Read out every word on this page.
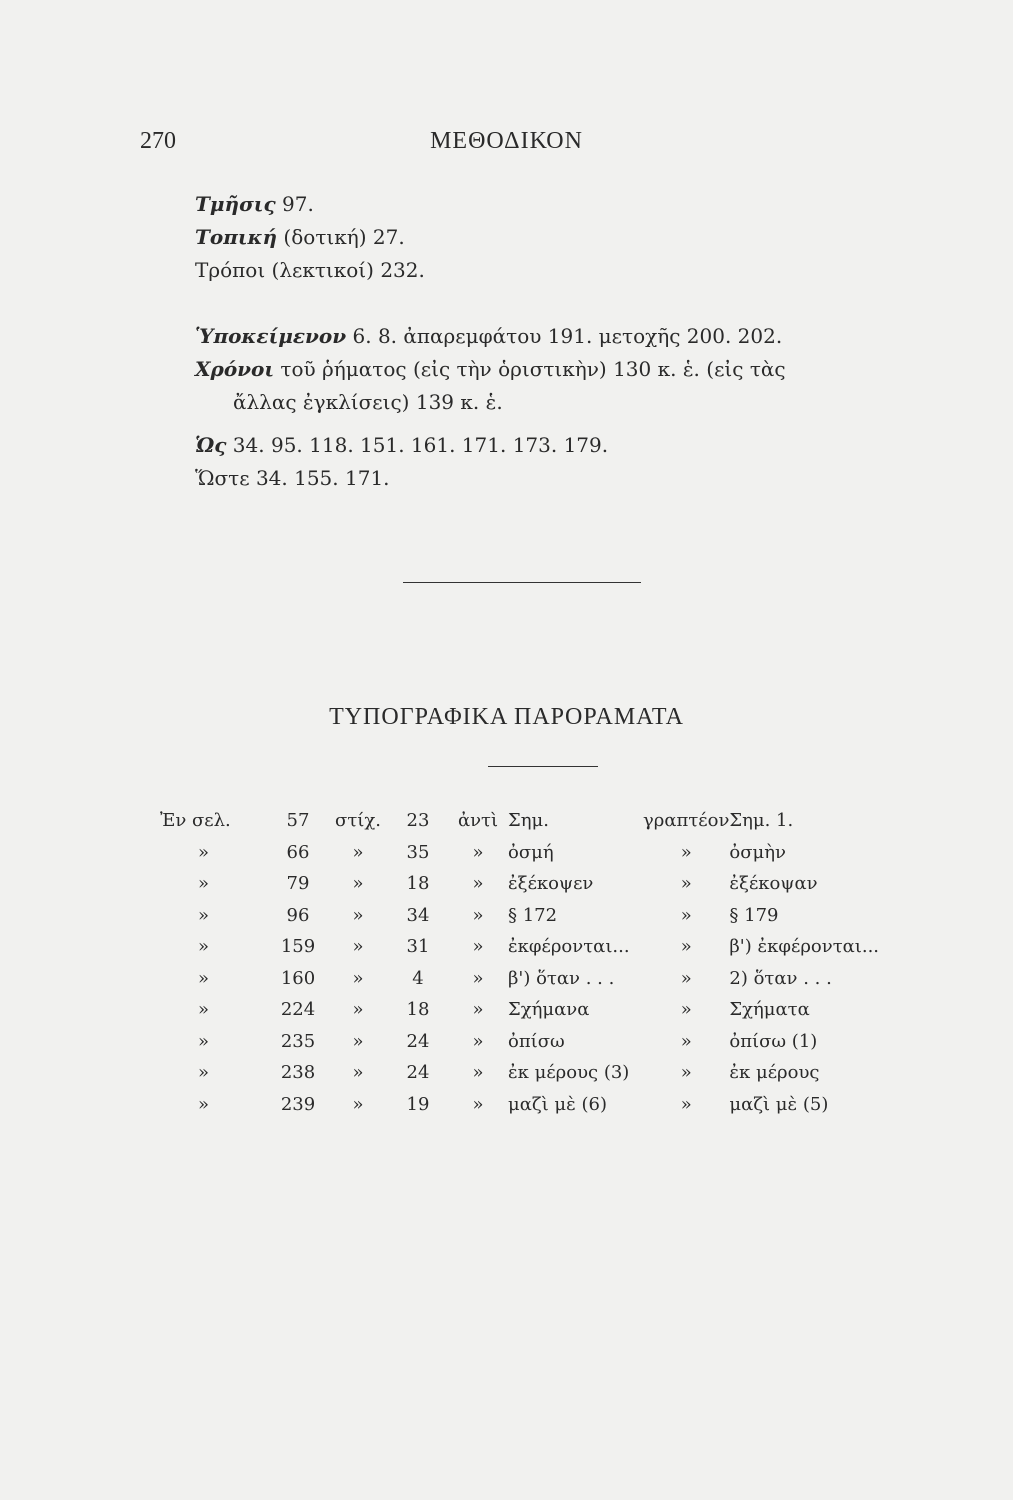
270	ΜΕΘΟΔΙΚΟΝ
Τμῆσις 97.
Τοπική (δοτική) 27.
Τρόποι (λεκτικοί) 232.
Ὑποκείμενον 6. 8. ἀπαρεμφάτου 191. μετοχῆς 200. 202.
Χρόνοι τοῦ ῥήματος (εἰς τὴν ὁριστικὴν) 130 κ. ἑ. (εἰς τὰς
ἄλλας ἐγκλίσεις) 139 κ. ἑ.
Ὡς 34. 95. 118. 151. 161. 171. 173. 179.
Ὥστε 34. 155. 171.
ΤΥΠΟΓΡΑΦΙΚΑ ΠΑΡΟΡΑΜΑΤΑ
Ἐν σελ.	57	στίχ.	23	ἀντὶ	Σημ.	γραπτέον	Σημ. 1.
»	66	»	35	»	ὀσμή	»	ὀσμὴν
»	79	»	18	»	ἐξέκοψεν	»	ἐξέκοψαν
»	96	»	34	»	§ 172	»	§ 179
»	159	»	31	»	ἐκφέρονται...	»	β') ἐκφέρονται...
»	160	»	4	»	β') ὅταν . . .	»	2) ὅταν . . .
»	224	»	18	»	Σχήμανα	»	Σχήματα
»	235	»	24	»	ὀπίσω	»	ὀπίσω (1)
»	238	»	24	»	ἐκ μέρους (3)	»	ἐκ μέρους
»	239	»	19	»	μαζὶ μὲ (6)	»	μαζὶ μὲ (5)
